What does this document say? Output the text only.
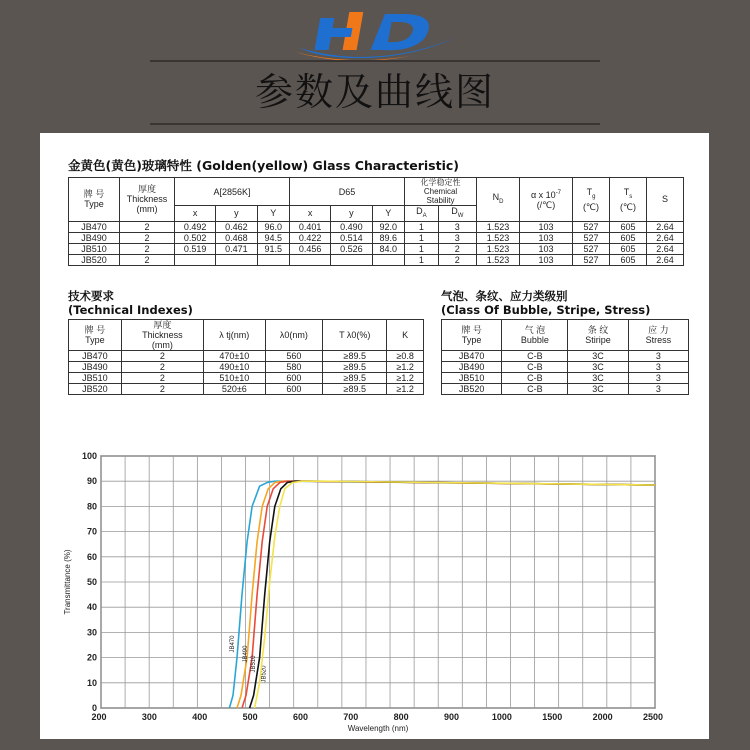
参数及曲线图
金黄色(黄色)玻璃特性 (Golden(yellow) Glass Characteristic)
牌 号
Type	厚度
Thickness
(mm)	A[2856K]			D65			化学稳定性
Chemical
Stability		$N_D$	α x $10^{-7}$
(/℃)	$T_g$
(℃)	$T_s$
(℃)	S
		x	y	Y	x	y	Y	$D_A$	$D_W$
JB470	2	0.492	0.462	96.0	0.401	0.490	92.0	1	3	1.523	103	527	605	2.64
JB490	2	0.502	0.468	94.5	0.422	0.514	89.6	1	3	1.523	103	527	605	2.64
JB510	2	0.519	0.471	91.5	0.456	0.526	84.0	1	2	1.523	103	527	605	2.64
JB520	2							1	2	1.523	103	527	605	2.64
技术要求
(Technical Indexes)
牌 号
Type	厚度
Thickness
(mm)	λ tj(nm)	λ0(nm)	T λ0(%)	K
JB470	2	470±10	560	≥89.5	≥0.8
JB490	2	490±10	580	≥89.5	≥1.2
JB510	2	510±10	600	≥89.5	≥1.2
JB520	2	520±6	600	≥89.5	≥1.2
气泡、条纹、应力类级别
(Class Of Bubble, Stripe, Stress)
牌 号
Type	气 泡
Bubble	条 纹
Stiripe	应 力
Stress
JB470	C-B	3C	3
JB490	C-B	3C	3
JB510	C-B	3C	3
JB520	C-B	3C	3
0
10
20
30
40
50
60
70
80
90
100
200	300	400	500	600	700	800	900	1000	1500	2000	2500
Wavelength (nm)
Transmittance (%)
JB470
JB490
JB510
JB520
